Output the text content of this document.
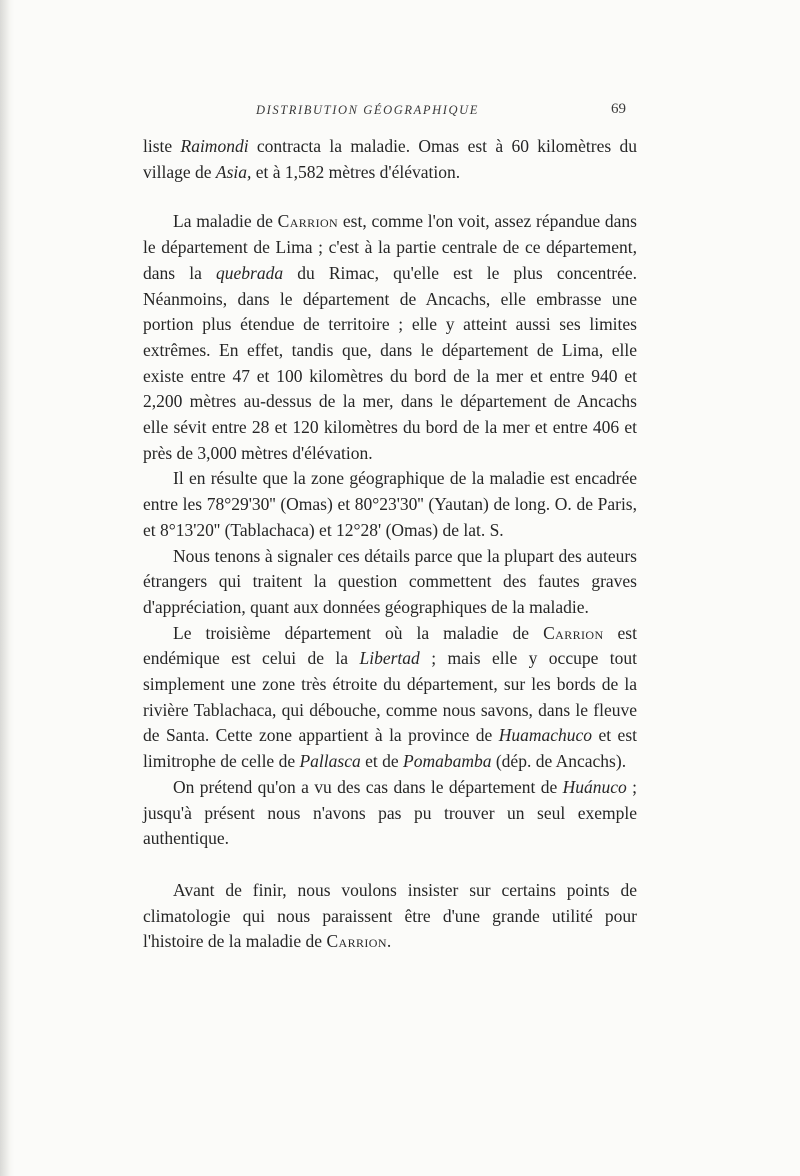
DISTRIBUTION GÉOGRAPHIQUE	69

liste Raimondi contracta la maladie. Omas est à 60 kilomètres du village de Asia, et à 1,582 mètres d'élévation.

La maladie de Carrion est, comme l'on voit, assez répandue dans le département de Lima ; c'est à la partie centrale de ce département, dans la quebrada du Rimac, qu'elle est le plus concentrée. Néanmoins, dans le département de Ancachs, elle embrasse une portion plus étendue de territoire ; elle y atteint aussi ses limites extrêmes. En effet, tandis que, dans le département de Lima, elle existe entre 47 et 100 kilomètres du bord de la mer et entre 940 et 2,200 mètres au-dessus de la mer, dans le département de Ancachs elle sévit entre 28 et 120 kilomètres du bord de la mer et entre 406 et près de 3,000 mètres d'élévation.

Il en résulte que la zone géographique de la maladie est encadrée entre les 78°29'30'' (Omas) et 80°23'30'' (Yautan) de long. O. de Paris, et 8°13'20'' (Tablachaca) et 12°28' (Omas) de lat. S.

Nous tenons à signaler ces détails parce que la plupart des auteurs étrangers qui traitent la question commettent des fautes graves d'appréciation, quant aux données géographiques de la maladie.

Le troisième département où la maladie de Carrion est endémique est celui de la Libertad ; mais elle y occupe tout simplement une zone très étroite du département, sur les bords de la rivière Tablachaca, qui débouche, comme nous savons, dans le fleuve de Santa. Cette zone appartient à la province de Huamachuco et est limitrophe de celle de Pallasca et de Pomabamba (dép. de Ancachs).

On prétend qu'on a vu des cas dans le département de Huánuco ; jusqu'à présent nous n'avons pas pu trouver un seul exemple authentique.

Avant de finir, nous voulons insister sur certains points de climatologie qui nous paraissent être d'une grande utilité pour l'histoire de la maladie de Carrion.
